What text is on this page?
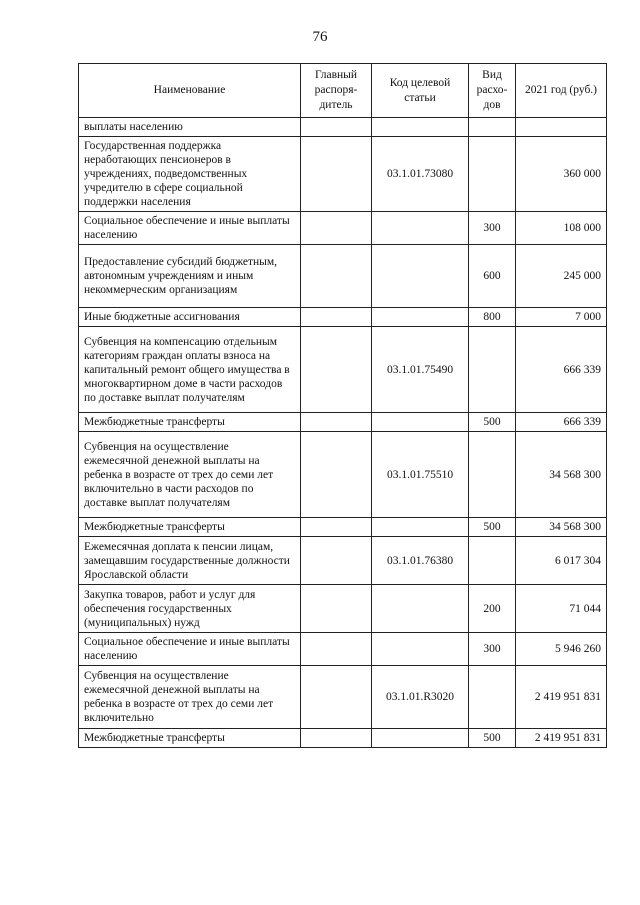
76
Наименование	Главный распоря-дитель	Код целевой статьи	Вид расхо-дов	2021 год (руб.)
выплаты населению				
Государственная поддержка неработающих пенсионеров в учреждениях, подведомственных учредителю в сфере социальной поддержки населения		03.1.01.73080		360 000
Социальное обеспечение и иные выплаты населению			300	108 000
Предоставление субсидий бюджетным, автономным учреждениям и иным некоммерческим организациям			600	245 000
Иные бюджетные ассигнования			800	7 000
Субвенция на компенсацию отдельным категориям граждан оплаты взноса на капитальный ремонт общего имущества в многоквартирном доме в части расходов по доставке выплат получателям		03.1.01.75490		666 339
Межбюджетные трансферты			500	666 339
Субвенция на осуществление ежемесячной денежной выплаты на ребенка в возрасте от трех до семи лет включительно в части расходов по доставке выплат получателям		03.1.01.75510		34 568 300
Межбюджетные трансферты			500	34 568 300
Ежемесячная доплата к пенсии лицам, замещавшим государственные должности Ярославской области		03.1.01.76380		6 017 304
Закупка товаров, работ и услуг для обеспечения государственных (муниципальных) нужд			200	71 044
Социальное обеспечение и иные выплаты населению			300	5 946 260
Субвенция на осуществление ежемесячной денежной выплаты на ребенка в возрасте от трех до семи лет включительно		03.1.01.R3020		2 419 951 831
Межбюджетные трансферты			500	2 419 951 831
